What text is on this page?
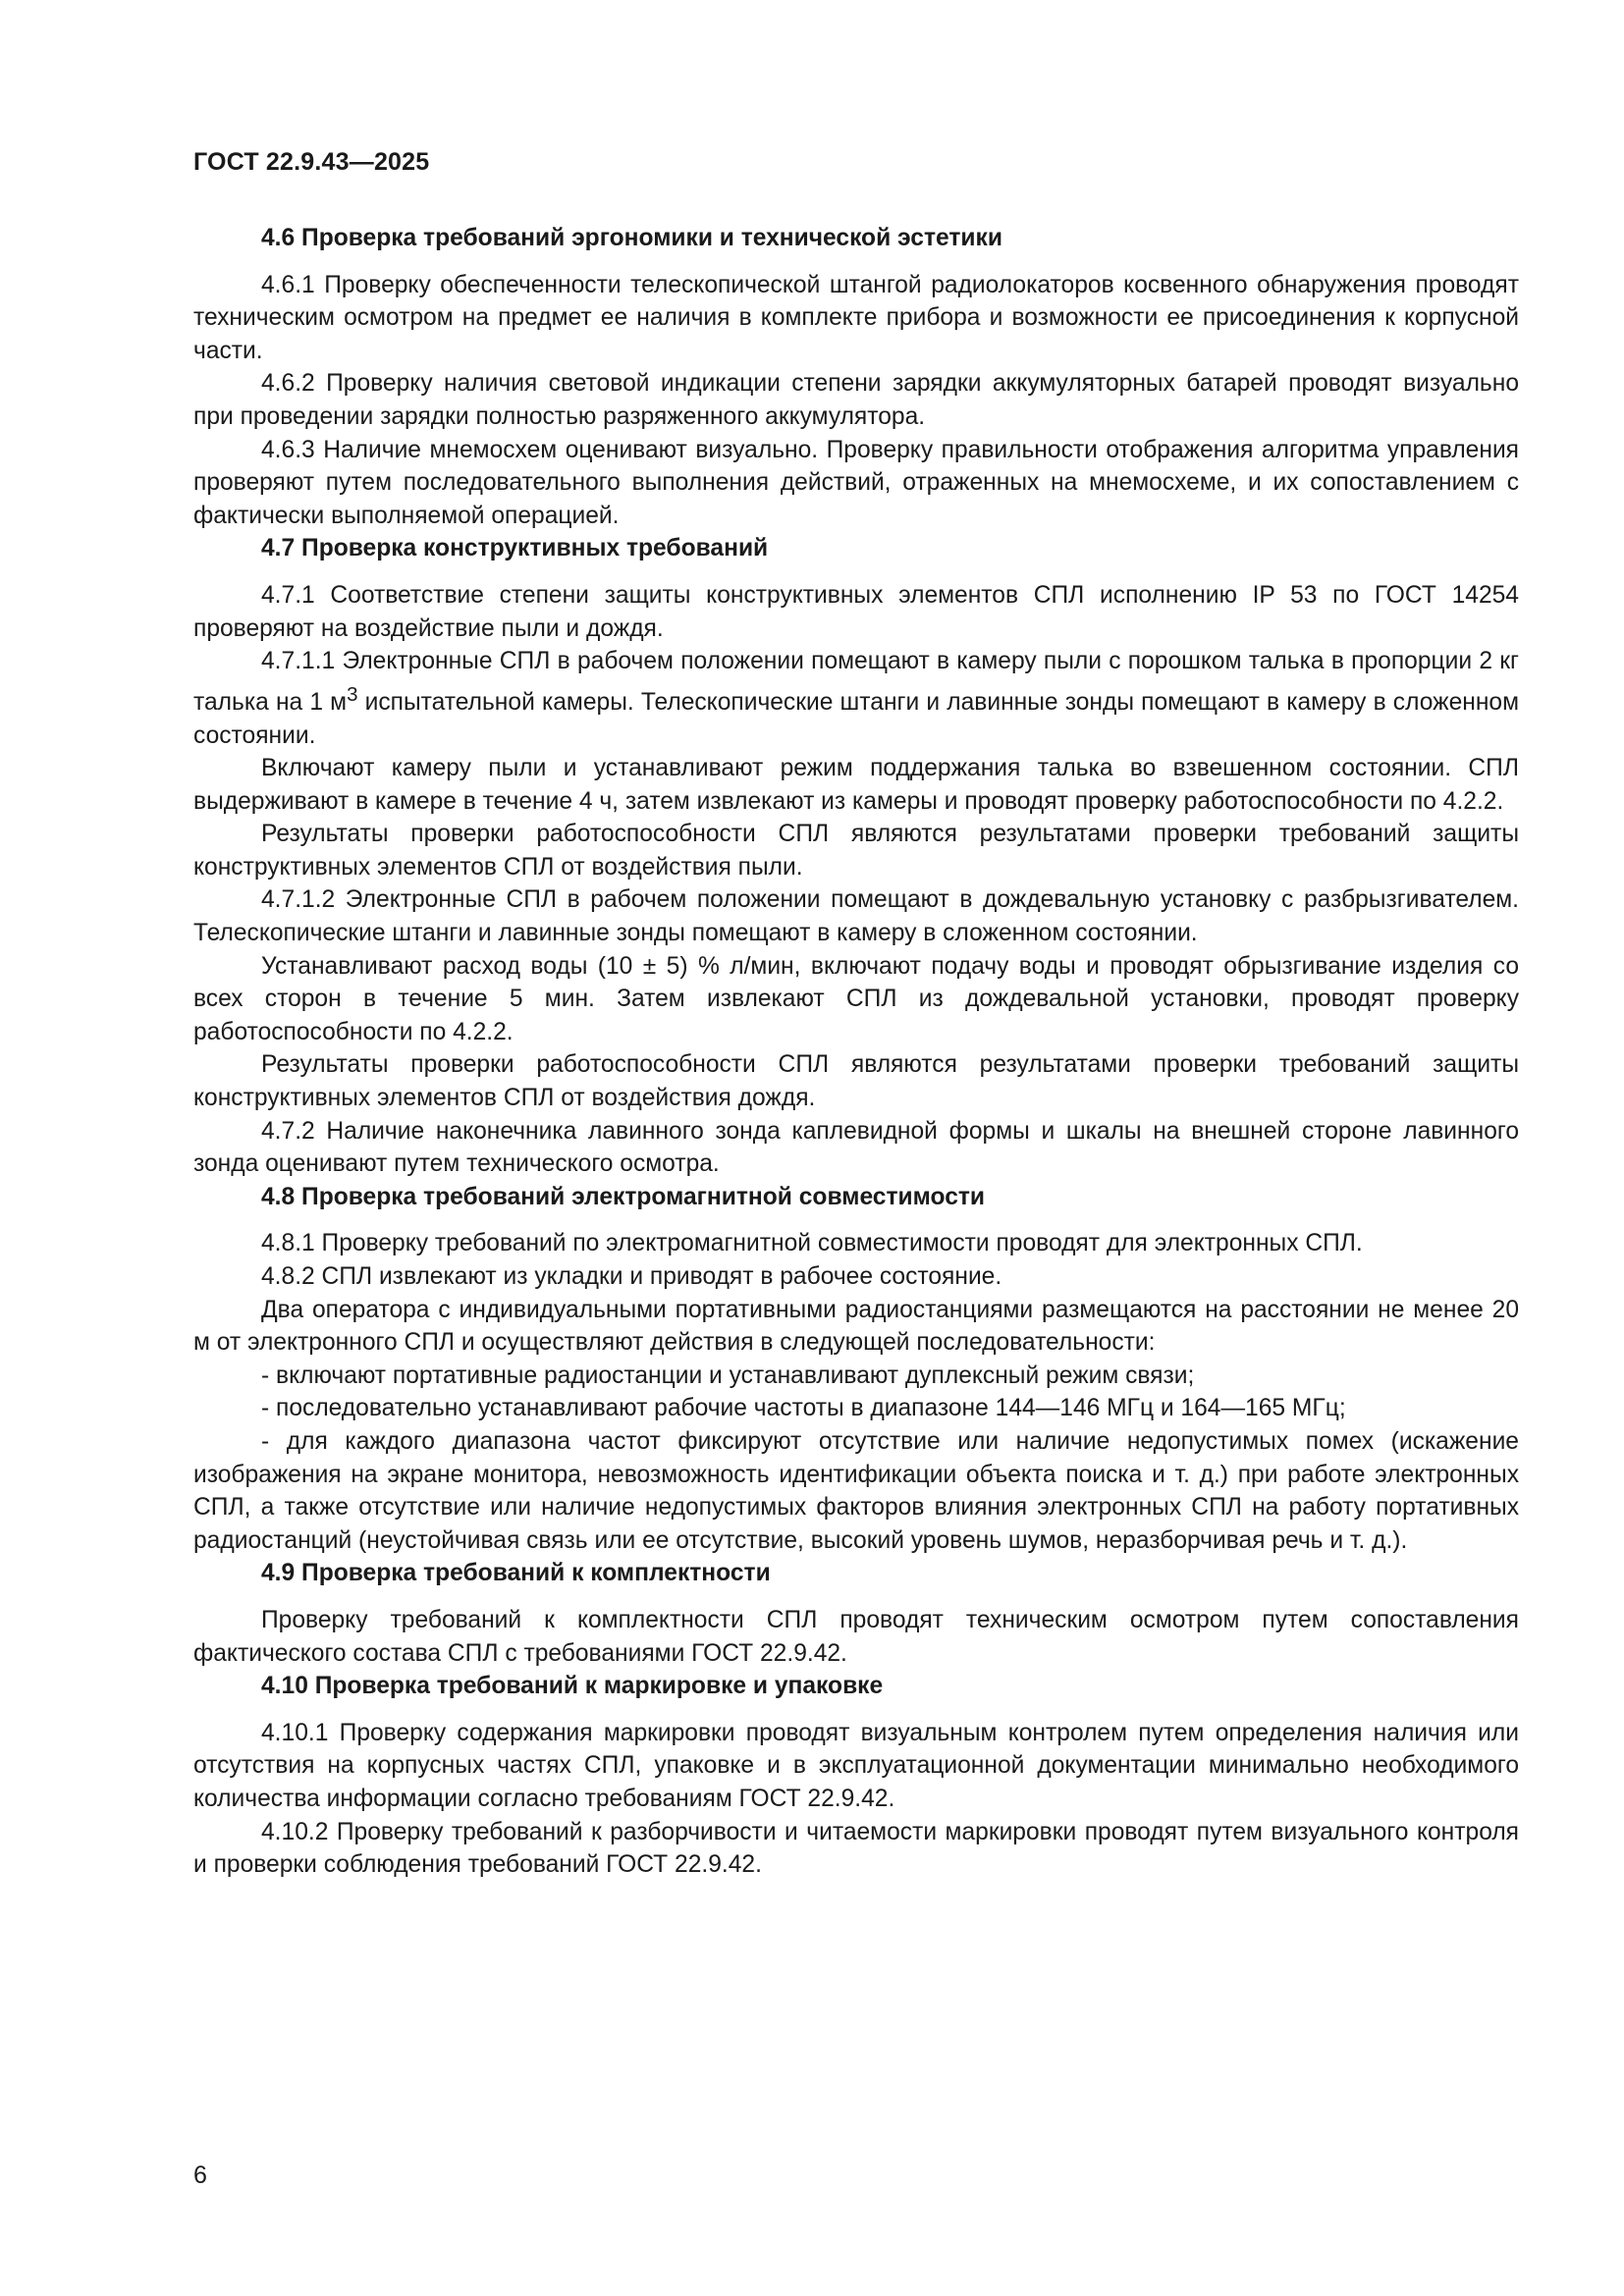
ГОСТ 22.9.43—2025
4.6 Проверка требований эргономики и технической эстетики

4.6.1 Проверку обеспеченности телескопической штангой радиолокаторов косвенного обнаружения проводят техническим осмотром на предмет ее наличия в комплекте прибора и возможности ее присоединения к корпусной части.

4.6.2 Проверку наличия световой индикации степени зарядки аккумуляторных батарей проводят визуально при проведении зарядки полностью разряженного аккумулятора.

4.6.3 Наличие мнемосхем оценивают визуально. Проверку правильности отображения алгоритма управления проверяют путем последовательного выполнения действий, отраженных на мнемосхеме, и их сопоставлением с фактически выполняемой операцией.

4.7 Проверка конструктивных требований

4.7.1 Соответствие степени защиты конструктивных элементов СПЛ исполнению IP 53 по ГОСТ 14254 проверяют на воздействие пыли и дождя.

4.7.1.1 Электронные СПЛ в рабочем положении помещают в камеру пыли с порошком талька в пропорции 2 кг талька на 1 $м^3$ испытательной камеры. Телескопические штанги и лавинные зонды помещают в камеру в сложенном состоянии.

Включают камеру пыли и устанавливают режим поддержания талька во взвешенном состоянии. СПЛ выдерживают в камере в течение 4 ч, затем извлекают из камеры и проводят проверку работоспособности по 4.2.2.

Результаты проверки работоспособности СПЛ являются результатами проверки требований защиты конструктивных элементов СПЛ от воздействия пыли.

4.7.1.2 Электронные СПЛ в рабочем положении помещают в дождевальную установку с разбрызгивателем. Телескопические штанги и лавинные зонды помещают в камеру в сложенном состоянии.

Устанавливают расход воды (10 ± 5) % л/мин, включают подачу воды и проводят обрызгивание изделия со всех сторон в течение 5 мин. Затем извлекают СПЛ из дождевальной установки, проводят проверку работоспособности по 4.2.2.

Результаты проверки работоспособности СПЛ являются результатами проверки требований защиты конструктивных элементов СПЛ от воздействия дождя.

4.7.2 Наличие наконечника лавинного зонда каплевидной формы и шкалы на внешней стороне лавинного зонда оценивают путем технического осмотра.

4.8 Проверка требований электромагнитной совместимости

4.8.1 Проверку требований по электромагнитной совместимости проводят для электронных СПЛ.

4.8.2 СПЛ извлекают из укладки и приводят в рабочее состояние.

Два оператора с индивидуальными портативными радиостанциями размещаются на расстоянии не менее 20 м от электронного СПЛ и осуществляют действия в следующей последовательности:

- включают портативные радиостанции и устанавливают дуплексный режим связи;
- последовательно устанавливают рабочие частоты в диапазоне 144—146 МГц и 164—165 МГц;
- для каждого диапазона частот фиксируют отсутствие или наличие недопустимых помех (искажение изображения на экране монитора, невозможность идентификации объекта поиска и т. д.) при работе электронных СПЛ, а также отсутствие или наличие недопустимых факторов влияния электронных СПЛ на работу портативных радиостанций (неустойчивая связь или ее отсутствие, высокий уровень шумов, неразборчивая речь и т. д.).
4.9 Проверка требований к комплектности

Проверку требований к комплектности СПЛ проводят техническим осмотром путем сопоставления фактического состава СПЛ с требованиями ГОСТ 22.9.42.

4.10 Проверка требований к маркировке и упаковке

4.10.1 Проверку содержания маркировки проводят визуальным контролем путем определения наличия или отсутствия на корпусных частях СПЛ, упаковке и в эксплуатационной документации минимально необходимого количества информации согласно требованиям ГОСТ 22.9.42.

4.10.2 Проверку требований к разборчивости и читаемости маркировки проводят путем визуального контроля и проверки соблюдения требований ГОСТ 22.9.42.

6
